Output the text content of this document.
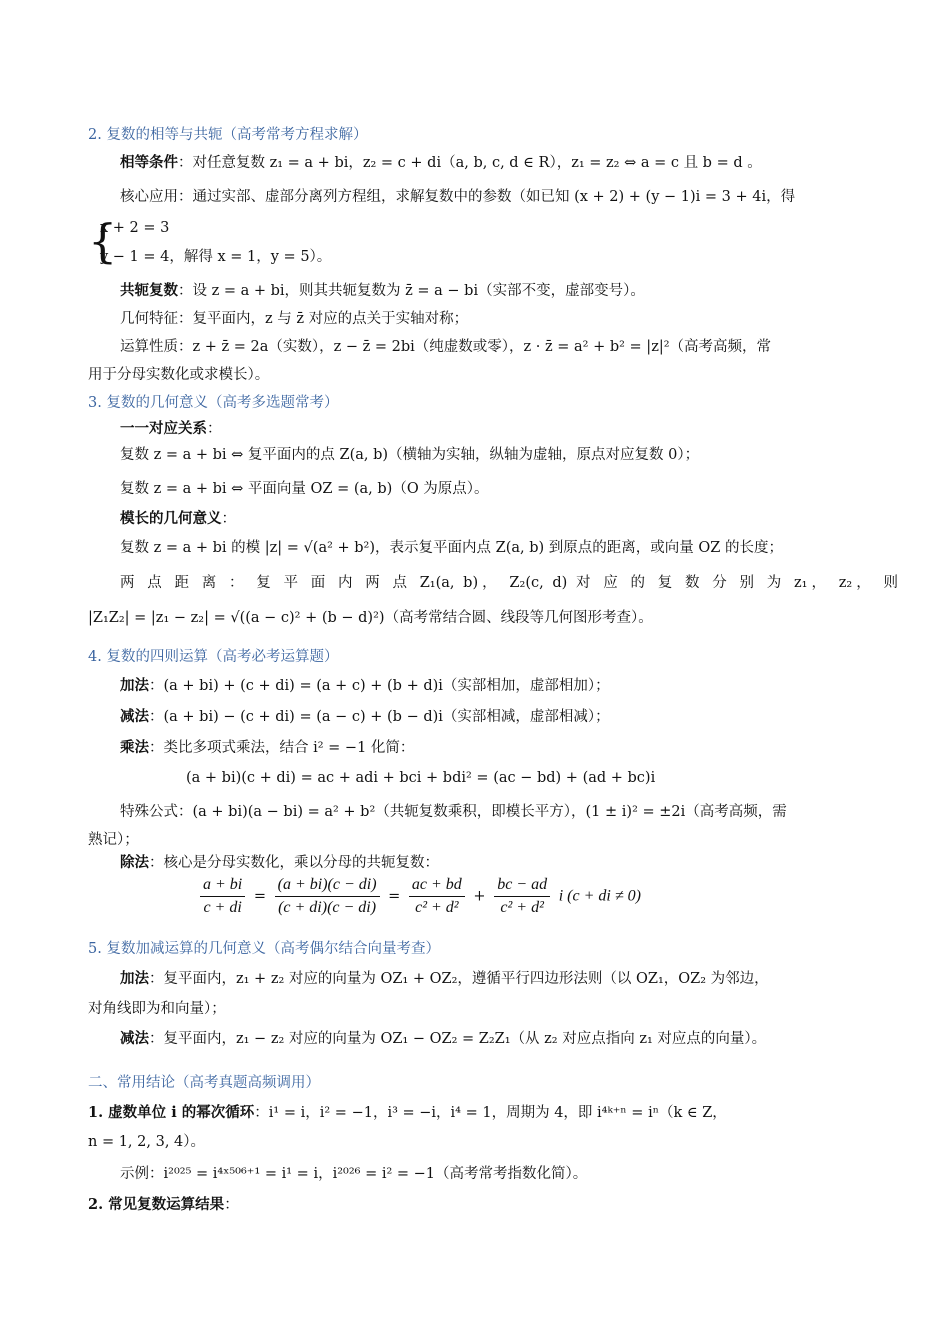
{
2. 复数的相等与共轭（高考常考方程求解）
相等条件：对任意复数 z₁ = a + bi，z₂ = c + di（a, b, c, d ∈ R），z₁ = z₂ ⇔ a = c 且 b = d 。
核心应用：通过实部、虚部分离列方程组，求解复数中的参数（如已知 (x + 2) + (y − 1)i = 3 + 4i，得
x + 2 = 3
y − 1 = 4，解得 x = 1，y = 5）。
共轭复数：设 z = a + bi，则其共轭复数为 z̄ = a − bi（实部不变，虚部变号）。
几何特征：复平面内，z 与 z̄ 对应的点关于实轴对称；
运算性质：z + z̄ = 2a（实数），z − z̄ = 2bi（纯虚数或零），z · z̄ = a² + b² = |z|²（高考高频，常
用于分母实数化或求模长）。
3. 复数的几何意义（高考多选题常考）
一一对应关系：
复数 z = a + bi ⇔ 复平面内的点 Z(a, b)（横轴为实轴，纵轴为虚轴，原点对应复数 0）；
复数 z = a + bi ⇔ 平面向量 OZ = (a, b)（O 为原点）。
模长的几何意义：
复数 z = a + bi 的模 |z| = √(a² + b²)，表示复平面内点 Z(a, b) 到原点的距离，或向量 OZ 的长度；
两 点 距 离 ： 复 平 面 内 两 点 Z₁(a, b)， Z₂(c, d) 对 应 的 复 数 分 别 为 z₁， z₂， 则
|Z₁Z₂| = |z₁ − z₂| = √((a − c)² + (b − d)²)（高考常结合圆、线段等几何图形考查）。
4. 复数的四则运算（高考必考运算题）
加法：(a + bi) + (c + di) = (a + c) + (b + d)i（实部相加，虚部相加）；
减法：(a + bi) − (c + di) = (a − c) + (b − d)i（实部相减，虚部相减）；
乘法：类比多项式乘法，结合 i² = −1 化简：
(a + bi)(c + di) = ac + adi + bci + bdi² = (ac − bd) + (ad + bc)i
特殊公式：(a + bi)(a − bi) = a² + b²（共轭复数乘积，即模长平方），(1 ± i)² = ±2i（高考高频，需
熟记）；
除法：核心是分母实数化，乘以分母的共轭复数：
5. 复数加减运算的几何意义（高考偶尔结合向量考查）
加法：复平面内，z₁ + z₂ 对应的向量为 OZ₁ + OZ₂，遵循平行四边形法则（以 OZ₁，OZ₂ 为邻边，
对角线即为和向量）；
减法：复平面内，z₁ − z₂ 对应的向量为 OZ₁ − OZ₂ = Z₂Z₁（从 z₂ 对应点指向 z₁ 对应点的向量）。
二、常用结论（高考真题高频调用）
1. 虚数单位 i 的幂次循环：i¹ = i，i² = −1，i³ = −i，i⁴ = 1，周期为 4，即 i⁴ᵏ⁺ⁿ = iⁿ（k ∈ Z，
n = 1, 2, 3, 4）。
示例：i²⁰²⁵ = i⁴ˣ⁵⁰⁶⁺¹ = i¹ = i，i²⁰²⁶ = i² = −1（高考常考指数化简）。
2. 常见复数运算结果：
$\frac{a + bi}{c + di} = \frac{(a + bi)(c - di)}{(c + di)(c - di)} = \frac{ac + bd}{\text{c² + d²}} + \frac{bc - ad}{\text{c² + d²}}$ i (c + di ≠ 0)
